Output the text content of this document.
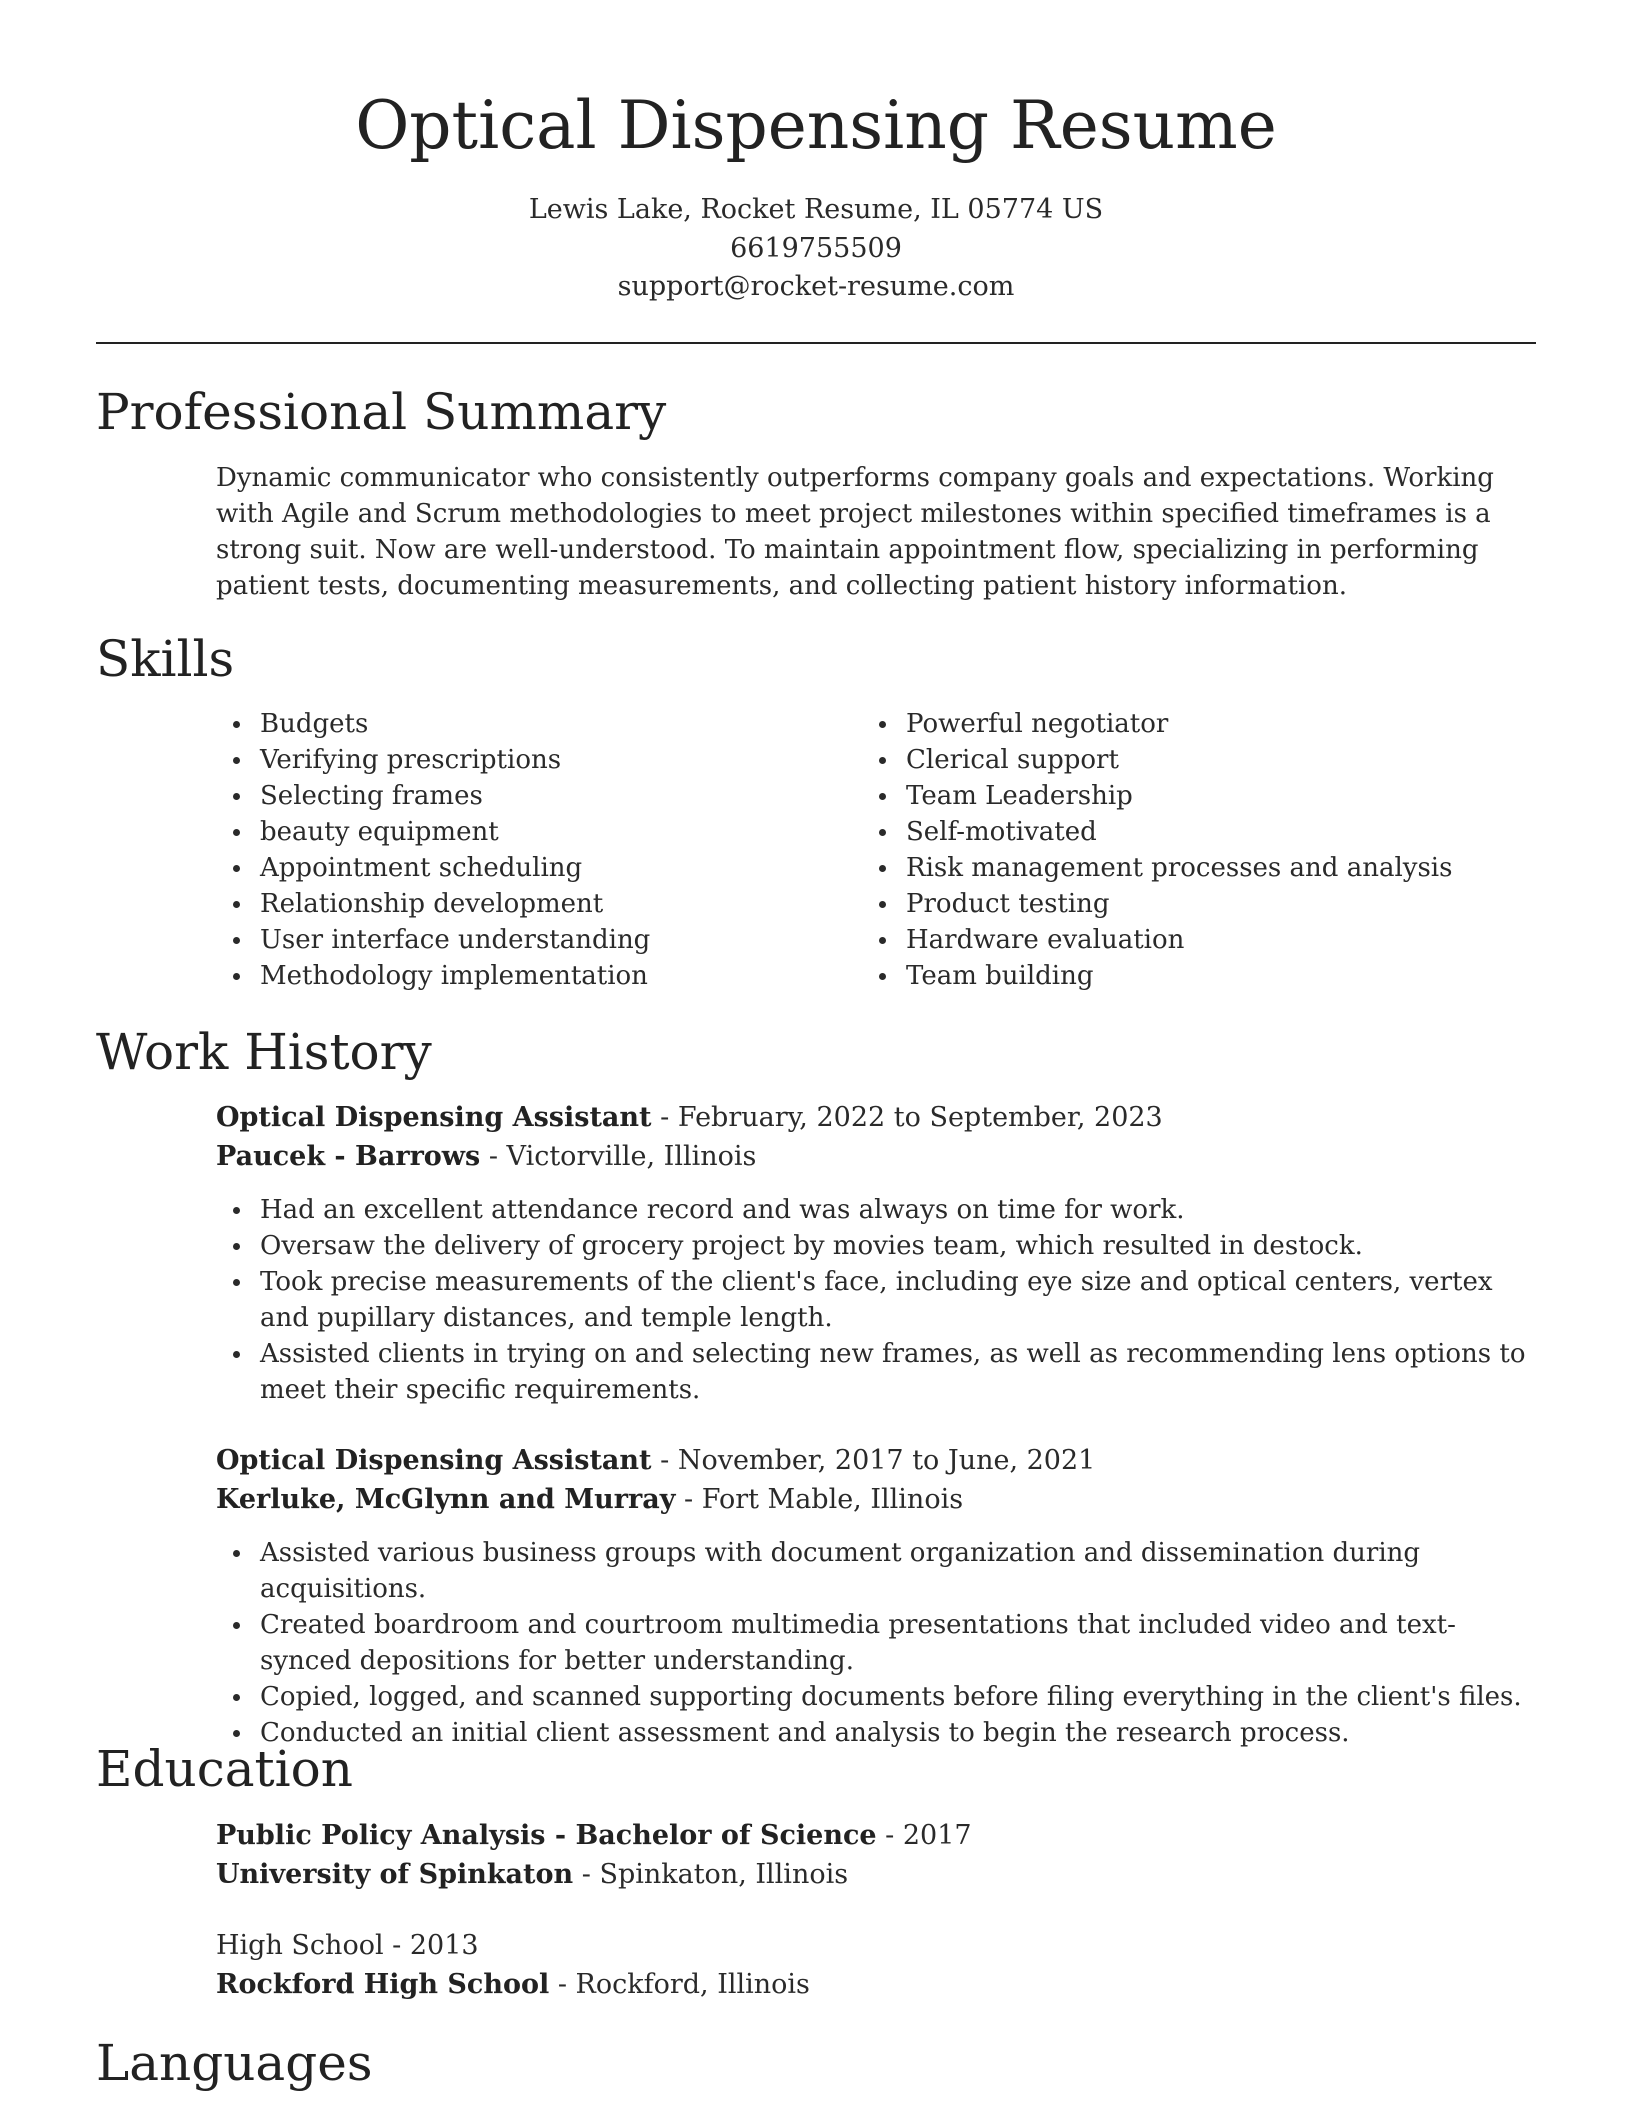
Optical Dispensing Resume
Lewis Lake, Rocket Resume, IL 05774 US
6619755509
support@rocket-resume.com
Professional Summary

Dynamic communicator who consistently outperforms company goals and expectations. Working with Agile and Scrum methodologies to meet project milestones within specified timeframes is a strong suit. Now are well-understood. To maintain appointment flow, specializing in performing patient tests, documenting measurements, and collecting patient history information.

Skills
Budgets
Verifying prescriptions
Selecting frames
beauty equipment
Appointment scheduling
Relationship development
User interface understanding
Methodology implementation
Powerful negotiator
Clerical support
Team Leadership
Self-motivated
Risk management processes and analysis
Product testing
Hardware evaluation
Team building
Work History
Optical Dispensing Assistant - February, 2022 to September, 2023
Paucek - Barrows - Victorville, Illinois
Had an excellent attendance record and was always on time for work.
Oversaw the delivery of grocery project by movies team, which resulted in destock.
Took precise measurements of the client's face, including eye size and optical centers, vertex and pupillary distances, and temple length.
Assisted clients in trying on and selecting new frames, as well as recommending lens options to meet their specific requirements.
Optical Dispensing Assistant - November, 2017 to June, 2021
Kerluke, McGlynn and Murray - Fort Mable, Illinois
Assisted various business groups with document organization and dissemination during acquisitions.
Created boardroom and courtroom multimedia presentations that included video and text-synced depositions for better understanding.
Copied, logged, and scanned supporting documents before filing everything in the client's files.
Conducted an initial client assessment and analysis to begin the research process.
Education
Public Policy Analysis - Bachelor of Science - 2017
University of Spinkaton - Spinkaton, Illinois
High School - 2013
Rockford High School - Rockford, Illinois
Languages
